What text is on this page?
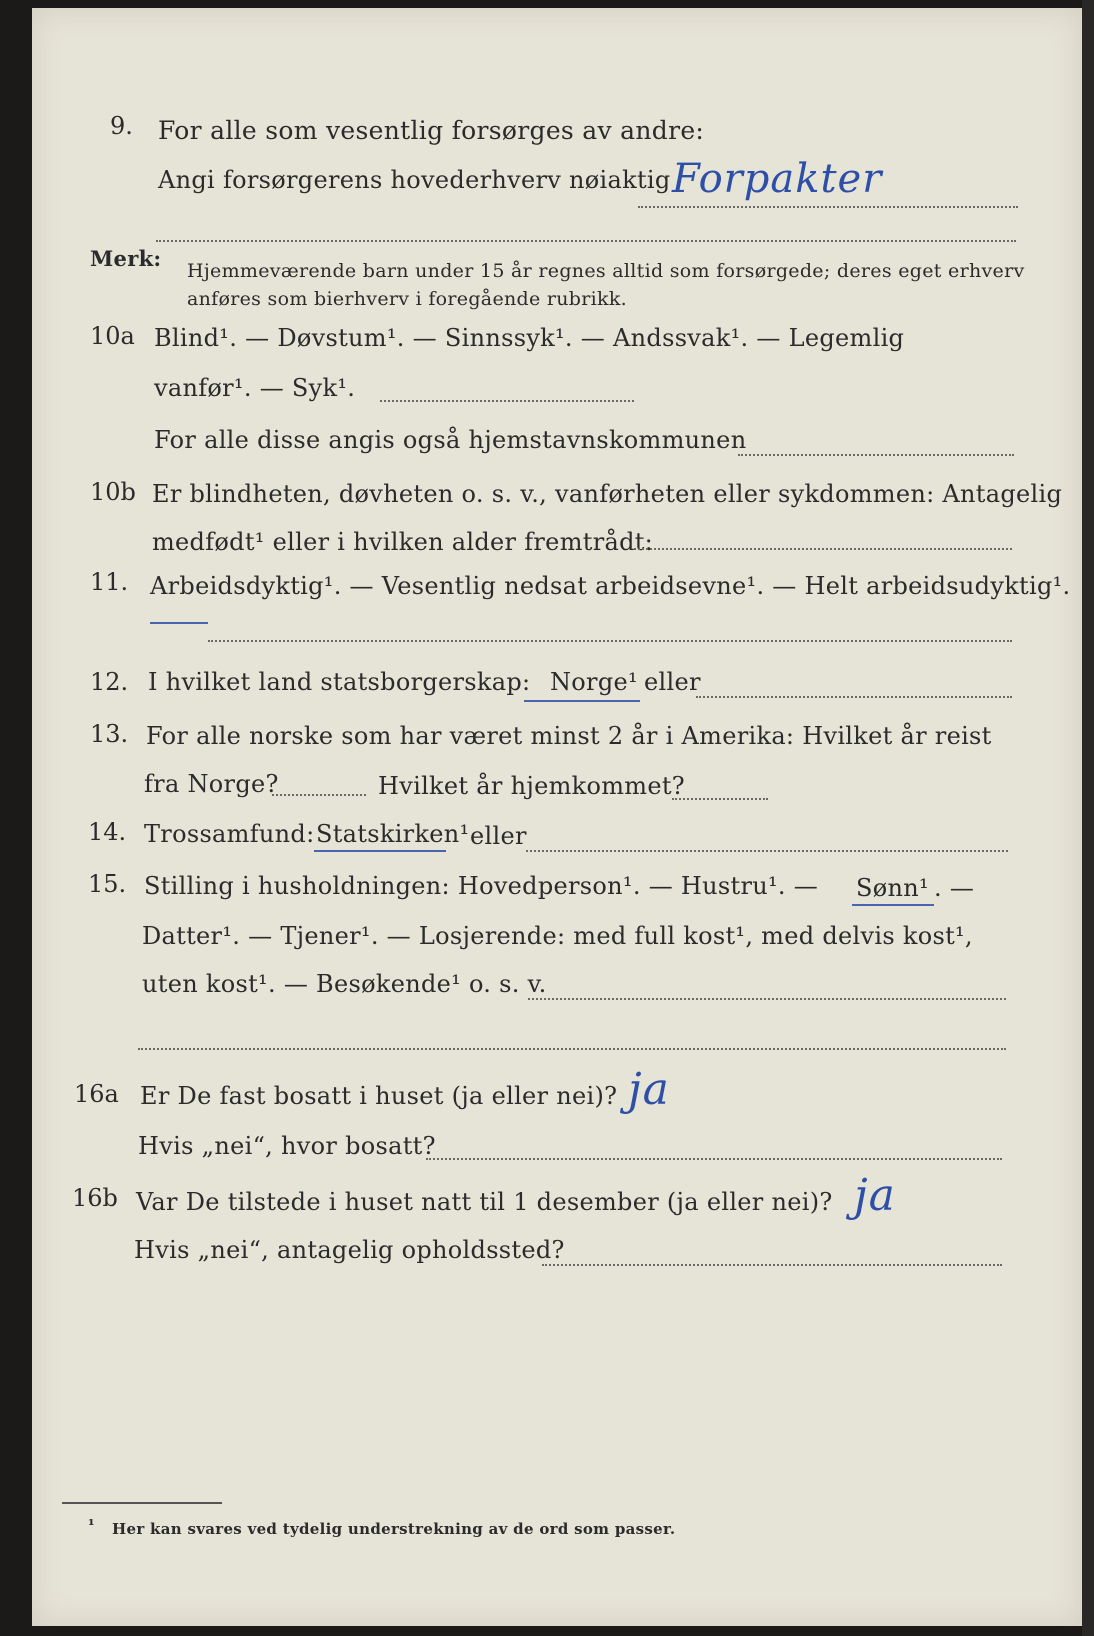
9. For alle som vesentlig forsørges av andre:
Angi forsørgerens hovederhverv nøiaktig Forpakter
Merk: Hjemmeværende barn under 15 år regnes alltid som forsørgede; deres eget erhverv
anføres som bierhverv i foregående rubrikk.
10a Blind¹. — Døvstum¹. — Sinnssyk¹. — Andssvak¹. — Legemlig
vanfør¹. — Syk¹.
For alle disse angis også hjemstavnskommunen
10b Er blindheten, døvheten o. s. v., vanførheten eller sykdommen: Antagelig
medfødt¹ eller i hvilken alder fremtrådt:
11. Arbeidsdyktig¹. — Vesentlig nedsat arbeidsevne¹. — Helt arbeidsudyktig¹.
12. I hvilket land statsborgerskap: Norge¹ eller
13. For alle norske som har været minst 2 år i Amerika: Hvilket år reist
fra Norge?	Hvilket år hjemkommet?
14. Trossamfund: Statskirken¹ eller
15. Stilling i husholdningen: Hovedperson¹. — Hustru¹. — Sønn¹ . —
Datter¹. — Tjener¹. — Losjerende: med full kost¹, med delvis kost¹,
uten kost¹. — Besøkende¹ o. s. v.
16a Er De fast bosatt i huset (ja eller nei)? ja
Hvis „nei“, hvor bosatt?
16b Var De tilstede i huset natt til 1 desember (ja eller nei)? ja
Hvis „nei“, antagelig opholdssted?
¹ Her kan svares ved tydelig understrekning av de ord som passer.
